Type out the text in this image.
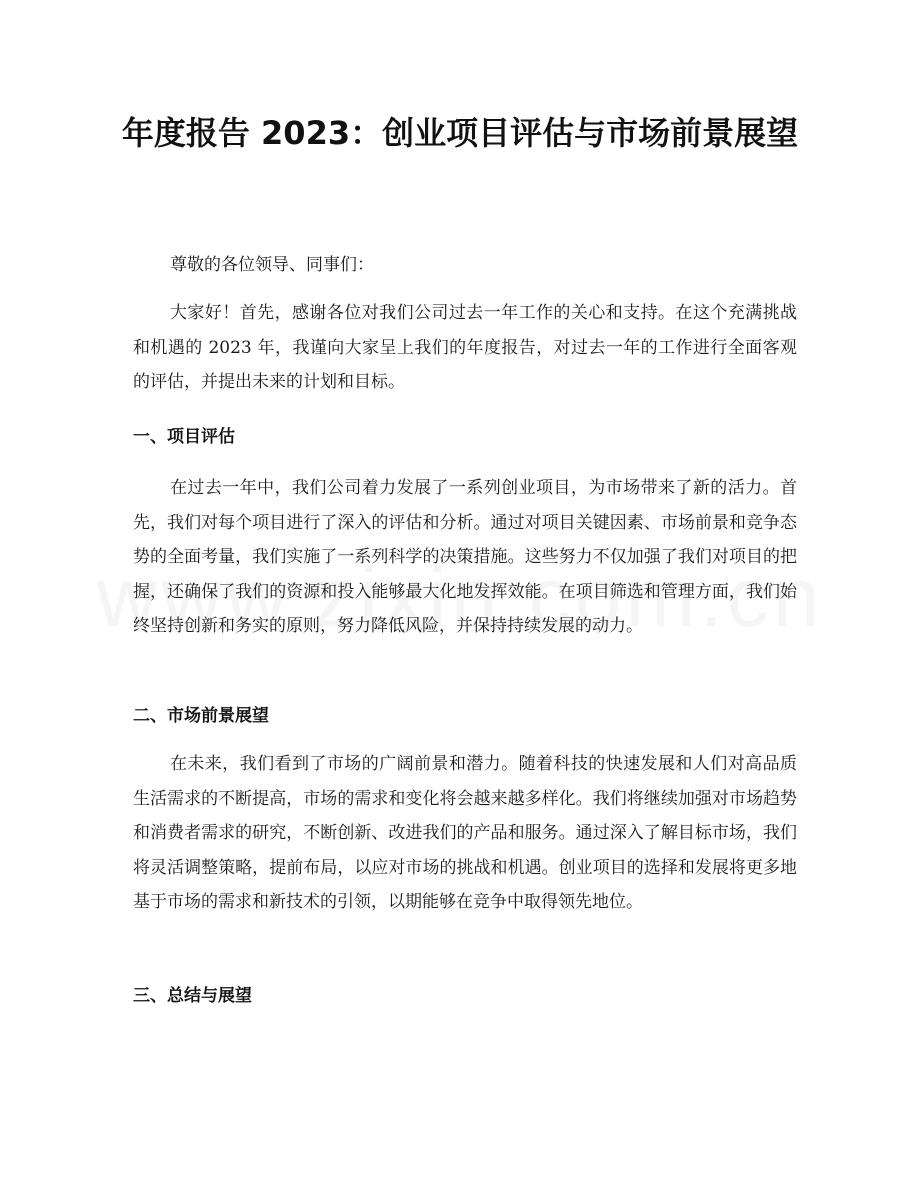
年度报告 2023：创业项目评估与市场前景展望

尊敬的各位领导、同事们：

大家好！首先，感谢各位对我们公司过去一年工作的关心和支持。在这个充满挑战和机遇的 2023 年，我谨向大家呈上我们的年度报告，对过去一年的工作进行全面客观的评估，并提出未来的计划和目标。

一、项目评估

在过去一年中，我们公司着力发展了一系列创业项目，为市场带来了新的活力。首先，我们对每个项目进行了深入的评估和分析。通过对项目关键因素、市场前景和竞争态势的全面考量，我们实施了一系列科学的决策措施。这些努力不仅加强了我们对项目的把握，还确保了我们的资源和投入能够最大化地发挥效能。在项目筛选和管理方面，我们始终坚持创新和务实的原则，努力降低风险，并保持持续发展的动力。

二、市场前景展望

在未来，我们看到了市场的广阔前景和潜力。随着科技的快速发展和人们对高品质生活需求的不断提高，市场的需求和变化将会越来越多样化。我们将继续加强对市场趋势和消费者需求的研究，不断创新、改进我们的产品和服务。通过深入了解目标市场，我们将灵活调整策略，提前布局，以应对市场的挑战和机遇。创业项目的选择和发展将更多地基于市场的需求和新技术的引领，以期能够在竞争中取得领先地位。

三、总结与展望
